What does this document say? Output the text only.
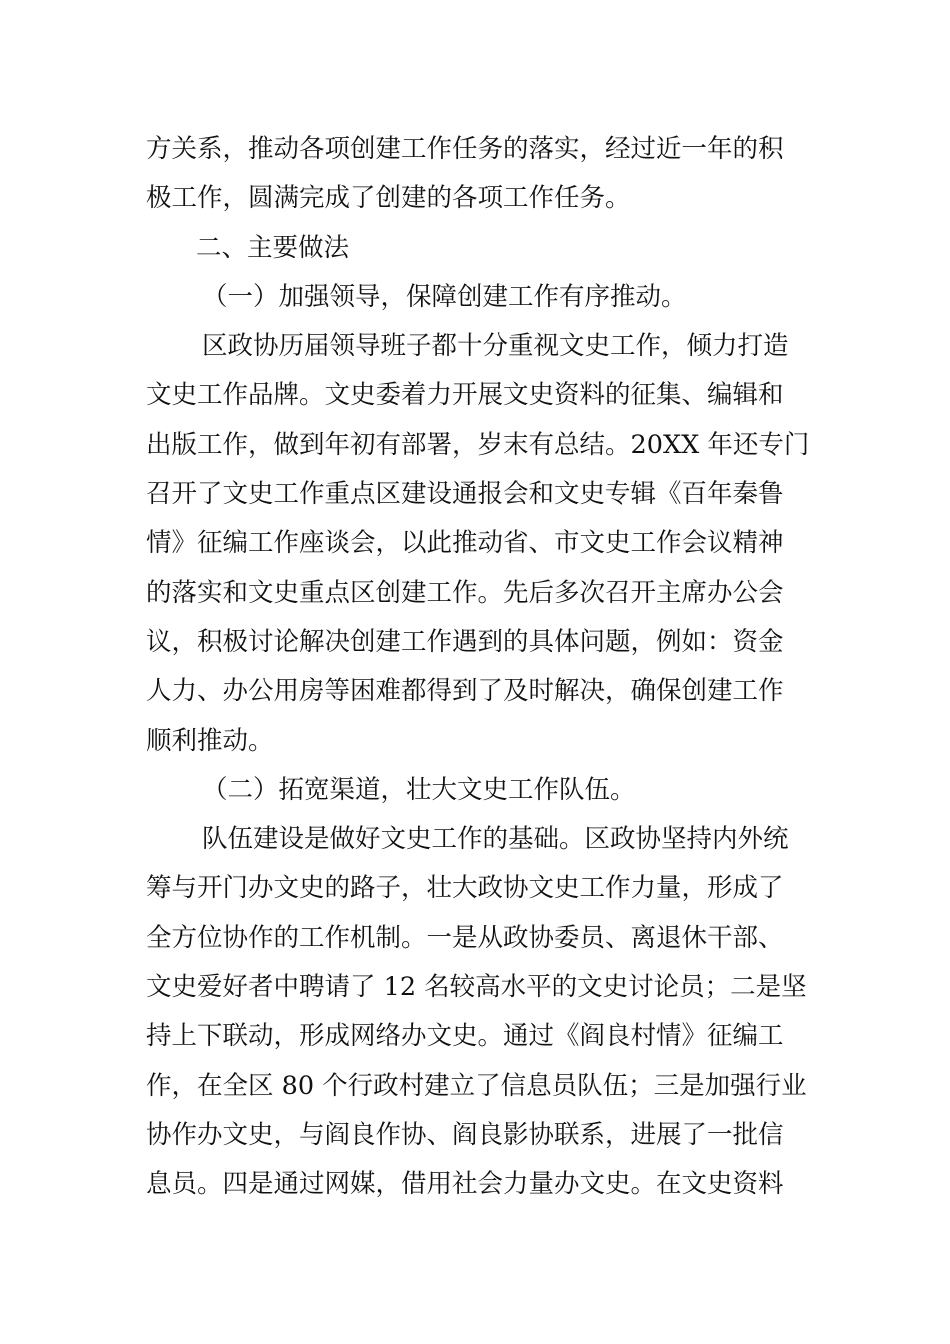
方关系，推动各项创建工作任务的落实，经过近一年的积
极工作，圆满完成了创建的各项工作任务。
二、主要做法
（一）加强领导，保障创建工作有序推动。
区政协历届领导班子都十分重视文史工作，倾力打造
文史工作品牌。文史委着力开展文史资料的征集、编辑和
出版工作，做到年初有部署，岁末有总结。20XX 年还专门
召开了文史工作重点区建设通报会和文史专辑《百年秦鲁
情》征编工作座谈会，以此推动省、市文史工作会议精神
的落实和文史重点区创建工作。先后多次召开主席办公会
议，积极讨论解决创建工作遇到的具体问题，例如：资金
人力、办公用房等困难都得到了及时解决，确保创建工作
顺利推动。
（二）拓宽渠道，壮大文史工作队伍。
队伍建设是做好文史工作的基础。区政协坚持内外统
筹与开门办文史的路子，壮大政协文史工作力量，形成了
全方位协作的工作机制。一是从政协委员、离退休干部、
文史爱好者中聘请了 12 名较高水平的文史讨论员；二是坚
持上下联动，形成网络办文史。通过《阎良村情》征编工
作，在全区 80 个行政村建立了信息员队伍；三是加强行业
协作办文史，与阎良作协、阎良影协联系，进展了一批信
息员。四是通过网媒，借用社会力量办文史。在文史资料
